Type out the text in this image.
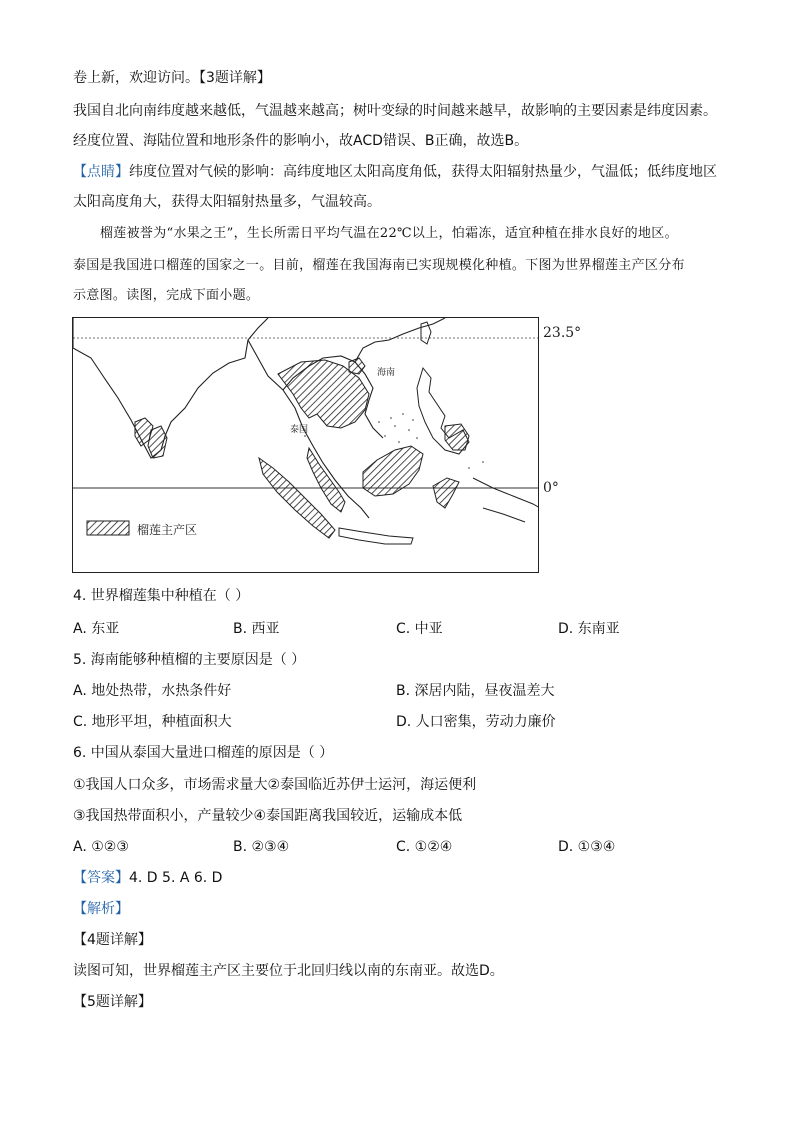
卷上新，欢迎访问。【3题详解】
我国自北向南纬度越来越低，气温越来越高；树叶变绿的时间越来越早，故影响的主要因素是纬度因素。
经度位置、海陆位置和地形条件的影响小，故ACD错误、B正确，故选B。
【点睛】纬度位置对气候的影响：高纬度地区太阳高度角低，获得太阳辐射热量少，气温低；低纬度地区
太阳高度角大，获得太阳辐射热量多，气温较高。
榴莲被誉为“水果之王”，生长所需日平均气温在22℃以上，怕霜冻，适宜种植在排水良好的地区。
泰国是我国进口榴莲的国家之一。目前，榴莲在我国海南已实现规模化种植。下图为世界榴莲主产区分布
示意图。读图，完成下面小题。
海南
泰国
榴莲主产区
23.5°
0°
4. 世界榴莲集中种植在（ ）
A. 东亚	B. 西亚	C. 中亚	D. 东南亚
5. 海南能够种植榴的主要原因是（ ）
A. 地处热带，水热条件好	B. 深居内陆，昼夜温差大
C. 地形平坦，种植面积大	D. 人口密集，劳动力廉价
6. 中国从泰国大量进口榴莲的原因是（ ）
①我国人口众多，市场需求量大②泰国临近苏伊士运河，海运便利
③我国热带面积小，产量较少④泰国距离我国较近，运输成本低
A. ①②③	B. ②③④	C. ①②④	D. ①③④
【答案】4. D 5. A 6. D
【解析】
【4题详解】
读图可知，世界榴莲主产区主要位于北回归线以南的东南亚。故选D。
【5题详解】
